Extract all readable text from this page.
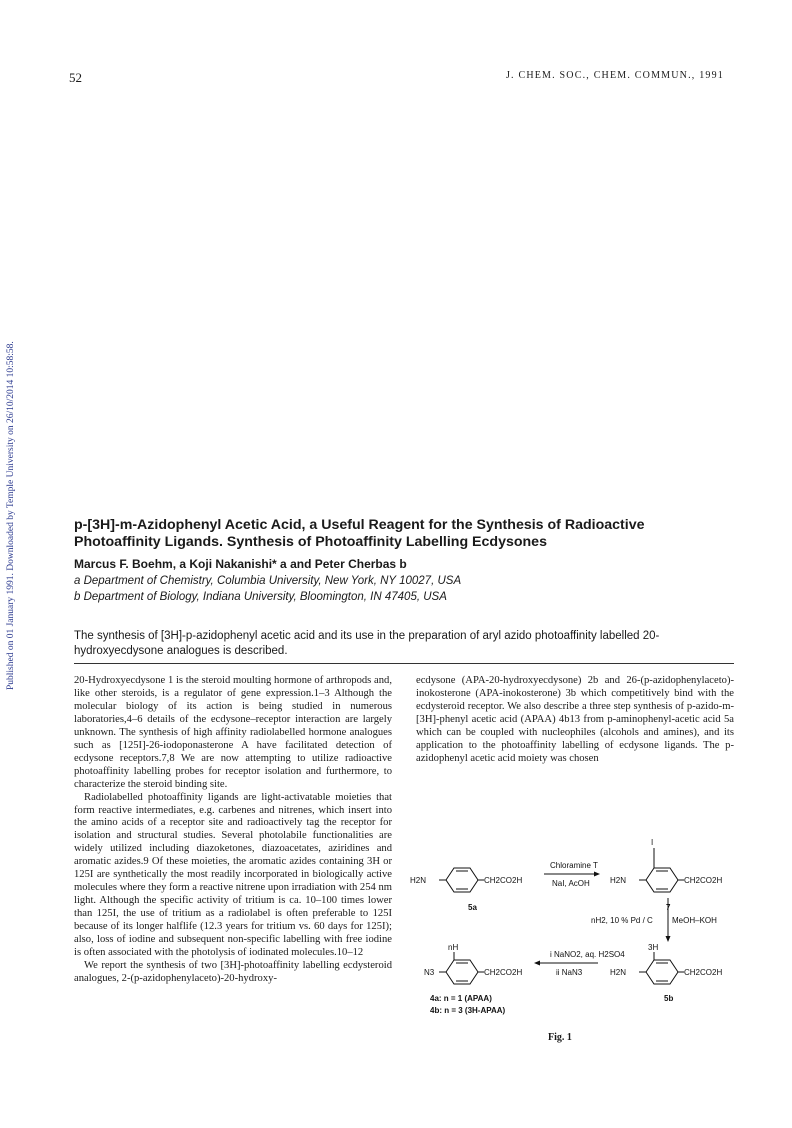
52	J. CHEM. SOC., CHEM. COMMUN., 1991
Published on 01 January 1991. Downloaded by Temple University on 26/10/2014 10:58:58.	p-[3H]-m-Azidophenyl Acetic Acid, a Useful Reagent for the Synthesis of Radioactive Photoaffinity Ligands. Synthesis of Photoaffinity Labelling Ecdysones
Marcus F. Boehm, a Koji Nakanishi* a and Peter Cherbas b
a Department of Chemistry, Columbia University, New York, NY 10027, USA
b Department of Biology, Indiana University, Bloomington, IN 47405, USA
The synthesis of [3H]-p-azidophenyl acetic acid and its use in the preparation of aryl azido photoaffinity labelled 20-hydroxyecdysone analogues is described.

20-Hydroxyecdysone 1 is the steroid moulting hormone of arthropods and, like other steroids, is a regulator of gene expression.1–3 Although the molecular biology of its action is being studied in numerous laboratories,4–6 details of the ecdysone–receptor interaction are largely unknown. The synthesis of high affinity radiolabelled hormone analogues such as [125I]-26-iodoponasterone A have facilitated detection of ecdysone receptors.7,8 We are now attempting to utilize radioactive photoaffinity labelling probes for receptor isolation and furthermore, to characterize the steroid binding site.

Radiolabelled photoaffinity ligands are light-activatable moieties that form reactive intermediates, e.g. carbenes and nitrenes, which insert into the amino acids of a receptor site and radioactively tag the receptor for isolation and structural studies. Several photolabile functionalities are widely utilized including diazoketones, diazoacetates, aziridines and aromatic azides.9 Of these moieties, the aromatic azides containing 3H or 125I are synthetically the most readily incorporated in biologically active molecules where they form a reactive nitrene upon irradiation with 254 nm light. Although the specific activity of tritium is ca. 10–100 times lower than 125I, the use of tritium as a radiolabel is often preferable to 125I because of its longer halflife (12.3 years for tritium vs. 60 days for 125I); also, loss of iodine and subsequent non-specific labelling with free iodine is often associated with the photolysis of iodinated molecules.10–12

We report the synthesis of two [3H]-photoaffinity labelling ecdysteroid analogues, 2-(p-azidophenylaceto)-20-hydroxy-

ecdysone (APA-20-hydroxyecdysone) 2b and 26-(p-azidophenylaceto)-inokosterone (APA-inokosterone) 3b which competitively bind with the ecdysteroid receptor. We also describe a three step synthesis of p-azido-m-[3H]-phenyl acetic acid (APAA) 4b13 from p-aminophenyl-acetic acid 5a which can be coupled with nucleophiles (alcohols and amines), and its application to the photoaffinity labelling of ecdysone ligands. The p-azidophenyl acetic acid moiety was chosen

H2N	CH2CO2H
5a
Chloramine T
NaI, AcOH	H2N	CH2CO2H
I
7
nH2, 10 % Pd / C MeOH–KOH
i NaNO2, aq. H2SO4
ii NaN3
nH
N3	CH2CO2H
4a: n = 1 (APAA)
4b: n = 3 (3H-APAA)
H2N	CH2CO2H
3H
5b
Fig. 1
